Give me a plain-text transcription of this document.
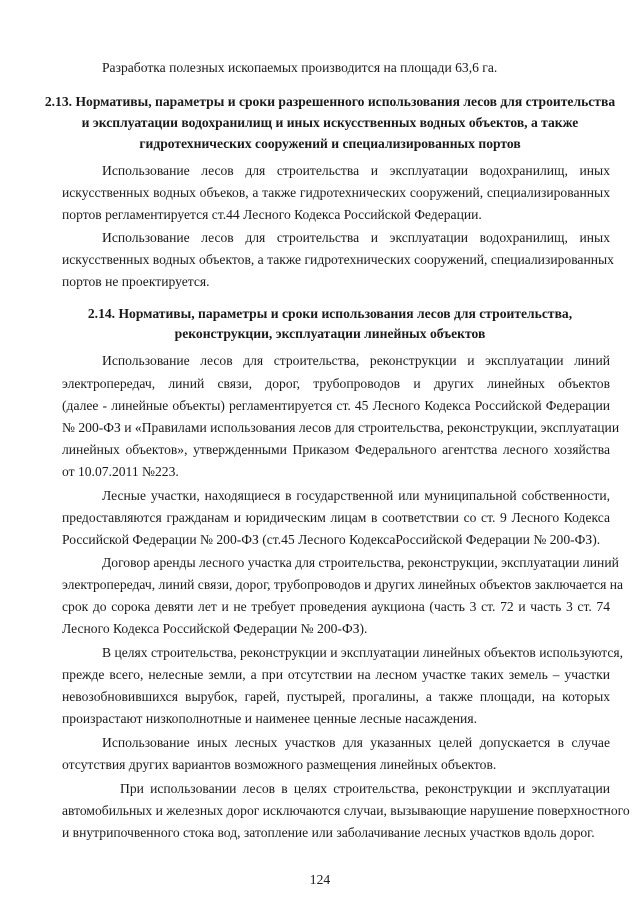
Разработка полезных ископаемых производится на площади 63,6 га.
2.13. Нормативы, параметры и сроки разрешенного использования лесов для строительства
и эксплуатации водохранилищ и иных искусственных водных объектов, а также
гидротехнических сооружений и специализированных портов
Использование лесов для строительства и эксплуатации водохранилищ, иных
искусственных водных объеков, а также гидротехнических сооружений, специализированных
портов регламентируется ст.44 Лесного Кодекса Российской Федерации.
Использование лесов для строительства и эксплуатации водохранилищ, иных
искусственных водных объектов, а также гидротехнических сооружений, специализированных
портов не проектируется.
2.14. Нормативы, параметры и сроки использования лесов для строительства,
реконструкции, эксплуатации линейных объектов
Использование лесов для строительства, реконструкции и эксплуатации линий
электропередач, линий связи, дорог, трубопроводов и других линейных объектов
(далее - линейные объекты) регламентируется ст. 45 Лесного Кодекса Российской Федерации
№ 200-ФЗ и «Правилами использования лесов для строительства, реконструкции, эксплуатации
линейных объектов», утвержденными Приказом Федерального агентства лесного хозяйства
от 10.07.2011 №223.
Лесные участки, находящиеся в государственной или муниципальной собственности,
предоставляются гражданам и юридическим лицам в соответствии со ст. 9 Лесного Кодекса
Российской Федерации № 200-ФЗ (ст.45 Лесного КодексаРоссийской Федерации № 200-ФЗ).
Договор аренды лесного участка для строительства, реконструкции, эксплуатации линий
электропередач, линий связи, дорог, трубопроводов и других линейных объектов заключается на
срок до сорока девяти лет и не требует проведения аукциона (часть 3 ст. 72 и часть 3 ст. 74
Лесного Кодекса Российской Федерации № 200-ФЗ).
В целях строительства, реконструкции и эксплуатации линейных объектов используются,
прежде всего, нелесные земли, а при отсутствии на лесном участке таких земель – участки
невозобновившихся вырубок, гарей, пустырей, прогалины, а также площади, на которых
произрастают низкополнотные и наименее ценные лесные насаждения.
Использование иных лесных участков для указанных целей допускается в случае
отсутствия других вариантов возможного размещения линейных объектов.
При использовании лесов в целях строительства, реконструкции и эксплуатации
автомобильных и железных дорог исключаются случаи, вызывающие нарушение поверхностного
и внутрипочвенного стока вод, затопление или заболачивание лесных участков вдоль дорог.
124
